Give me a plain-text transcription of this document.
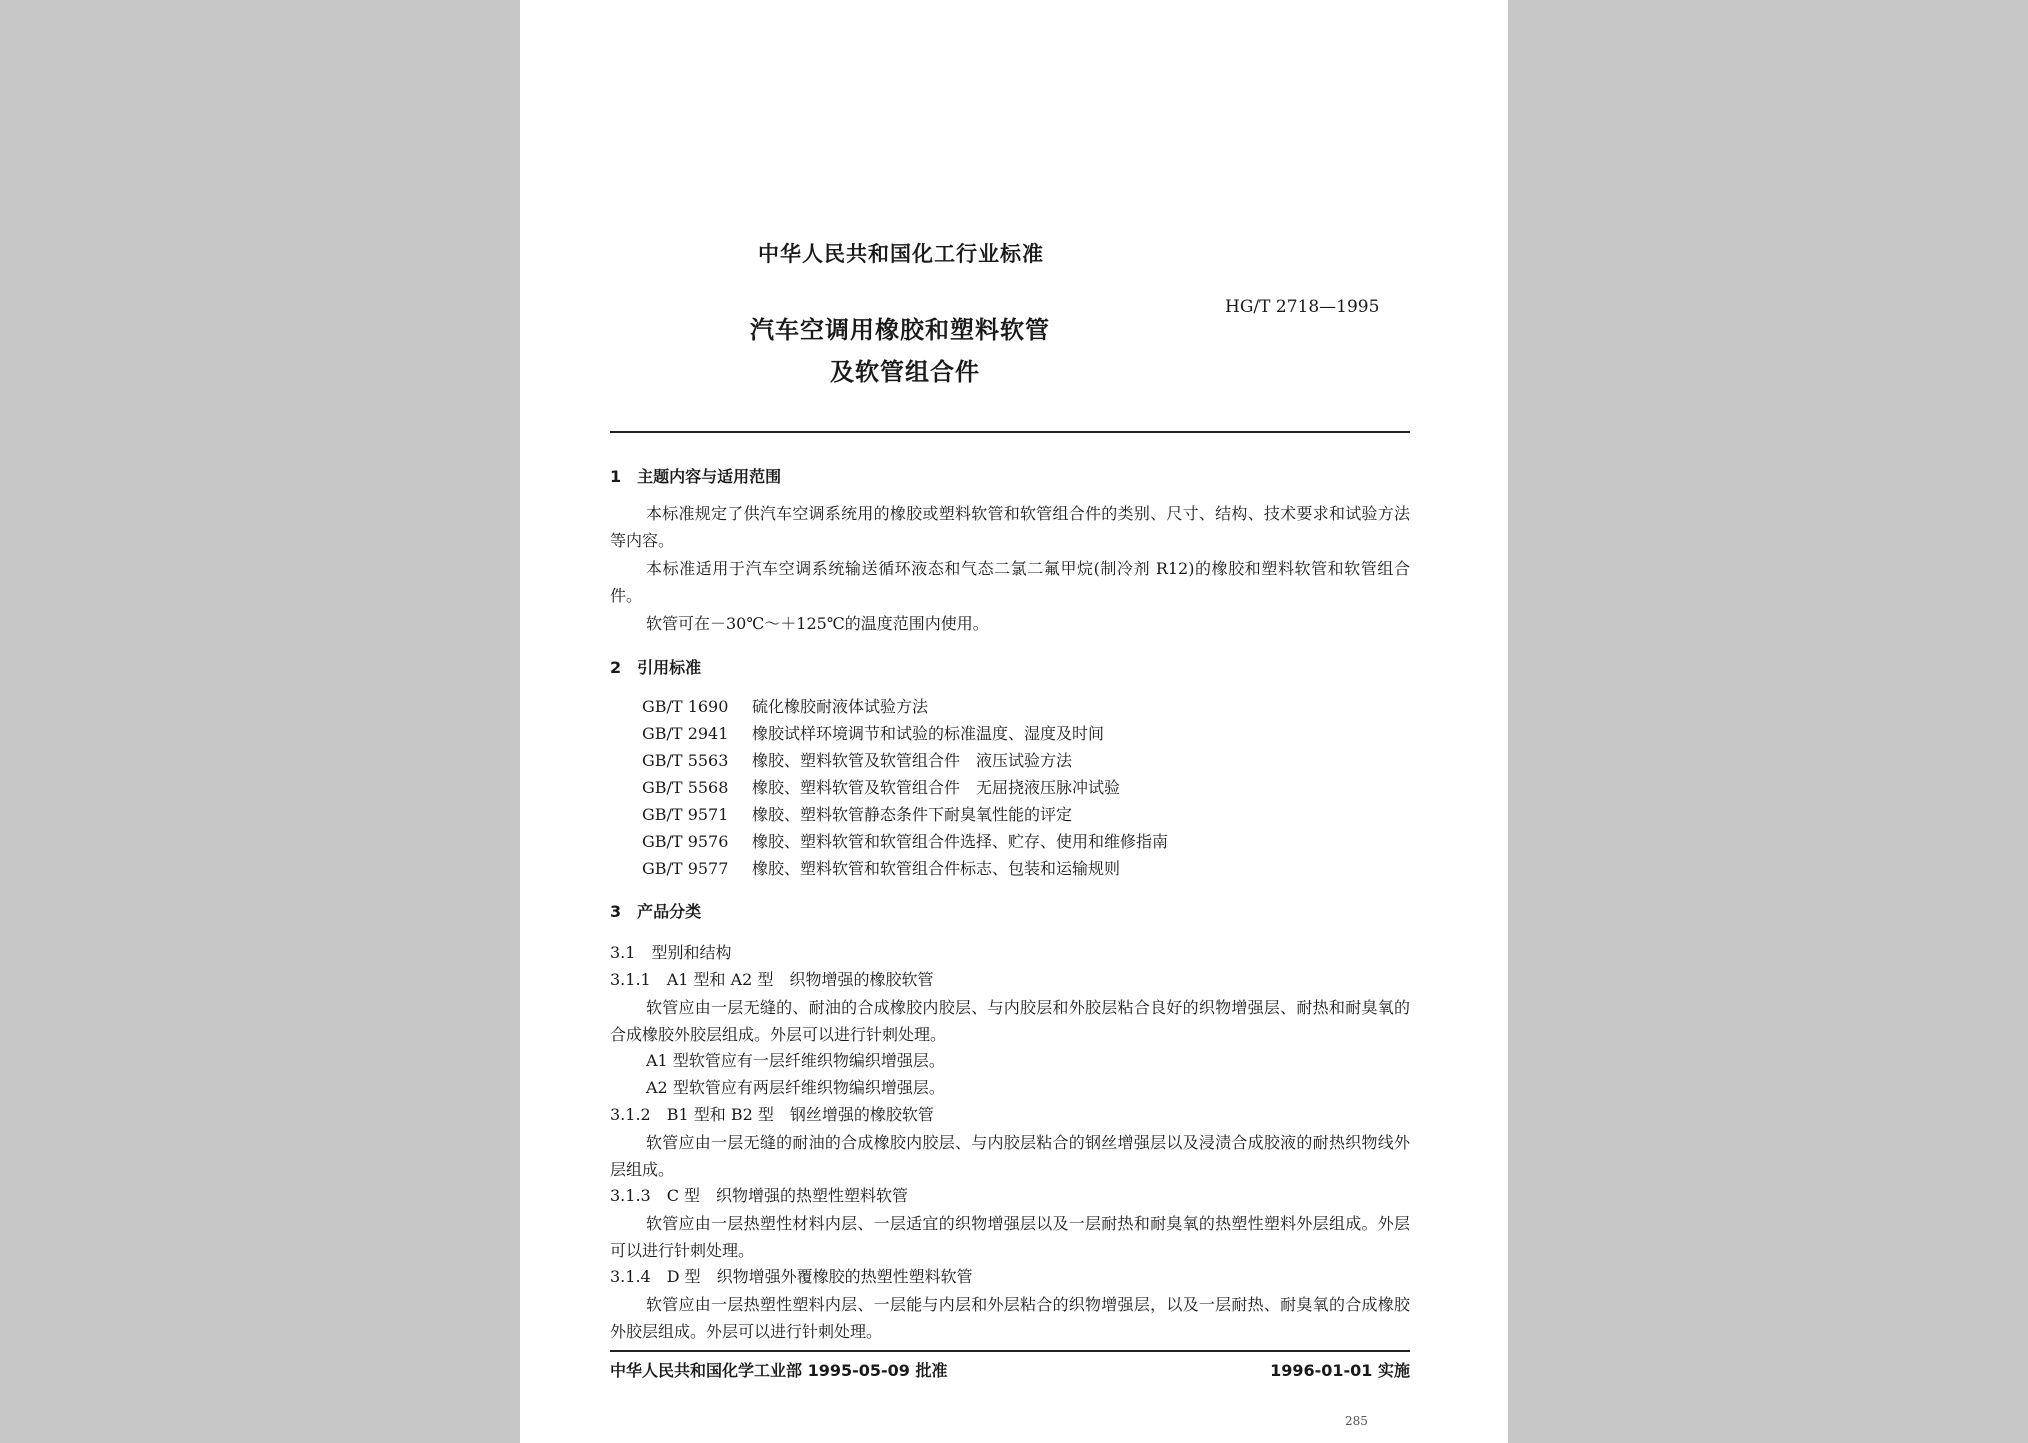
中华人民共和国化工行业标准
HG/T 2718—1995
汽车空调用橡胶和塑料软管
及软管组合件
1　主题内容与适用范围
本标准规定了供汽车空调系统用的橡胶或塑料软管和软管组合件的类别、尺寸、结构、技术要求和试验方法等内容。
本标准适用于汽车空调系统输送循环液态和气态二氯二氟甲烷(制冷剂 R12)的橡胶和塑料软管和软管组合件。
软管可在－30℃～＋125℃的温度范围内使用。
2　引用标准
GB/T 1690 硫化橡胶耐液体试验方法
GB/T 2941 橡胶试样环境调节和试验的标准温度、湿度及时间
GB/T 5563 橡胶、塑料软管及软管组合件　液压试验方法
GB/T 5568 橡胶、塑料软管及软管组合件　无屈挠液压脉冲试验
GB/T 9571 橡胶、塑料软管静态条件下耐臭氧性能的评定
GB/T 9576 橡胶、塑料软管和软管组合件选择、贮存、使用和维修指南
GB/T 9577 橡胶、塑料软管和软管组合件标志、包装和运输规则
3　产品分类
3.1　型别和结构
3.1.1　A1 型和 A2 型　织物增强的橡胶软管
软管应由一层无缝的、耐油的合成橡胶内胶层、与内胶层和外胶层粘合良好的织物增强层、耐热和耐臭氧的合成橡胶外胶层组成。外层可以进行针刺处理。
A1 型软管应有一层纤维织物编织增强层。
A2 型软管应有两层纤维织物编织增强层。
3.1.2　B1 型和 B2 型　钢丝增强的橡胶软管
软管应由一层无缝的耐油的合成橡胶内胶层、与内胶层粘合的钢丝增强层以及浸渍合成胶液的耐热织物线外层组成。
3.1.3　C 型　织物增强的热塑性塑料软管
软管应由一层热塑性材料内层、一层适宜的织物增强层以及一层耐热和耐臭氧的热塑性塑料外层组成。外层可以进行针刺处理。
3.1.4　D 型　织物增强外覆橡胶的热塑性塑料软管
软管应由一层热塑性塑料内层、一层能与内层和外层粘合的织物增强层，以及一层耐热、耐臭氧的合成橡胶外胶层组成。外层可以进行针刺处理。
中华人民共和国化学工业部 1995-05-09 批准	1996-01-01 实施
285
